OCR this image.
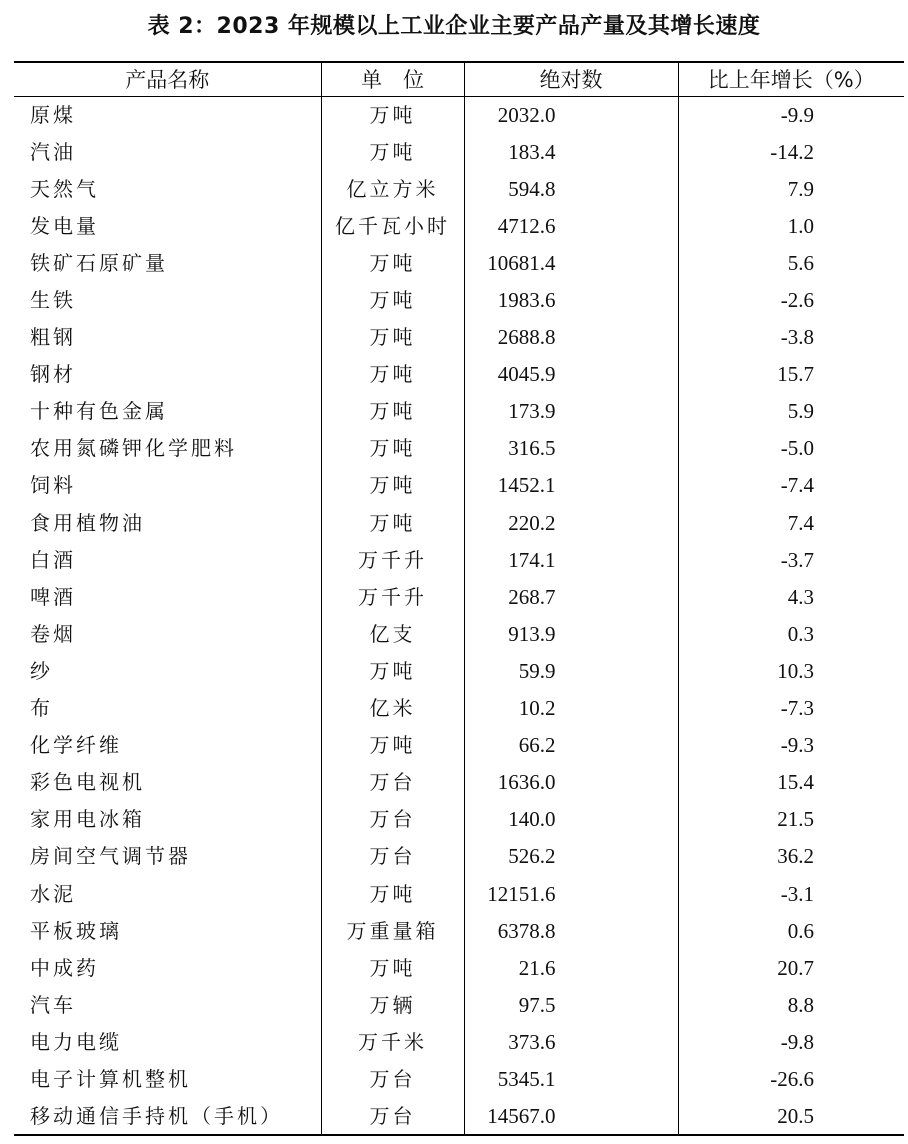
表 2：2023 年规模以上工业企业主要产品产量及其增长速度
产品名称	单　位	绝对数	比上年增长（%）
原煤	万吨	2032.0	-9.9
汽油	万吨	183.4	-14.2
天然气	亿立方米	594.8	7.9
发电量	亿千瓦小时	4712.6	1.0
铁矿石原矿量	万吨	10681.4	5.6
生铁	万吨	1983.6	-2.6
粗钢	万吨	2688.8	-3.8
钢材	万吨	4045.9	15.7
十种有色金属	万吨	173.9	5.9
农用氮磷钾化学肥料	万吨	316.5	-5.0
饲料	万吨	1452.1	-7.4
食用植物油	万吨	220.2	7.4
白酒	万千升	174.1	-3.7
啤酒	万千升	268.7	4.3
卷烟	亿支	913.9	0.3
纱	万吨	59.9	10.3
布	亿米	10.2	-7.3
化学纤维	万吨	66.2	-9.3
彩色电视机	万台	1636.0	15.4
家用电冰箱	万台	140.0	21.5
房间空气调节器	万台	526.2	36.2
水泥	万吨	12151.6	-3.1
平板玻璃	万重量箱	6378.8	0.6
中成药	万吨	21.6	20.7
汽车	万辆	97.5	8.8
电力电缆	万千米	373.6	-9.8
电子计算机整机	万台	5345.1	-26.6
移动通信手持机（手机）	万台	14567.0	20.5
